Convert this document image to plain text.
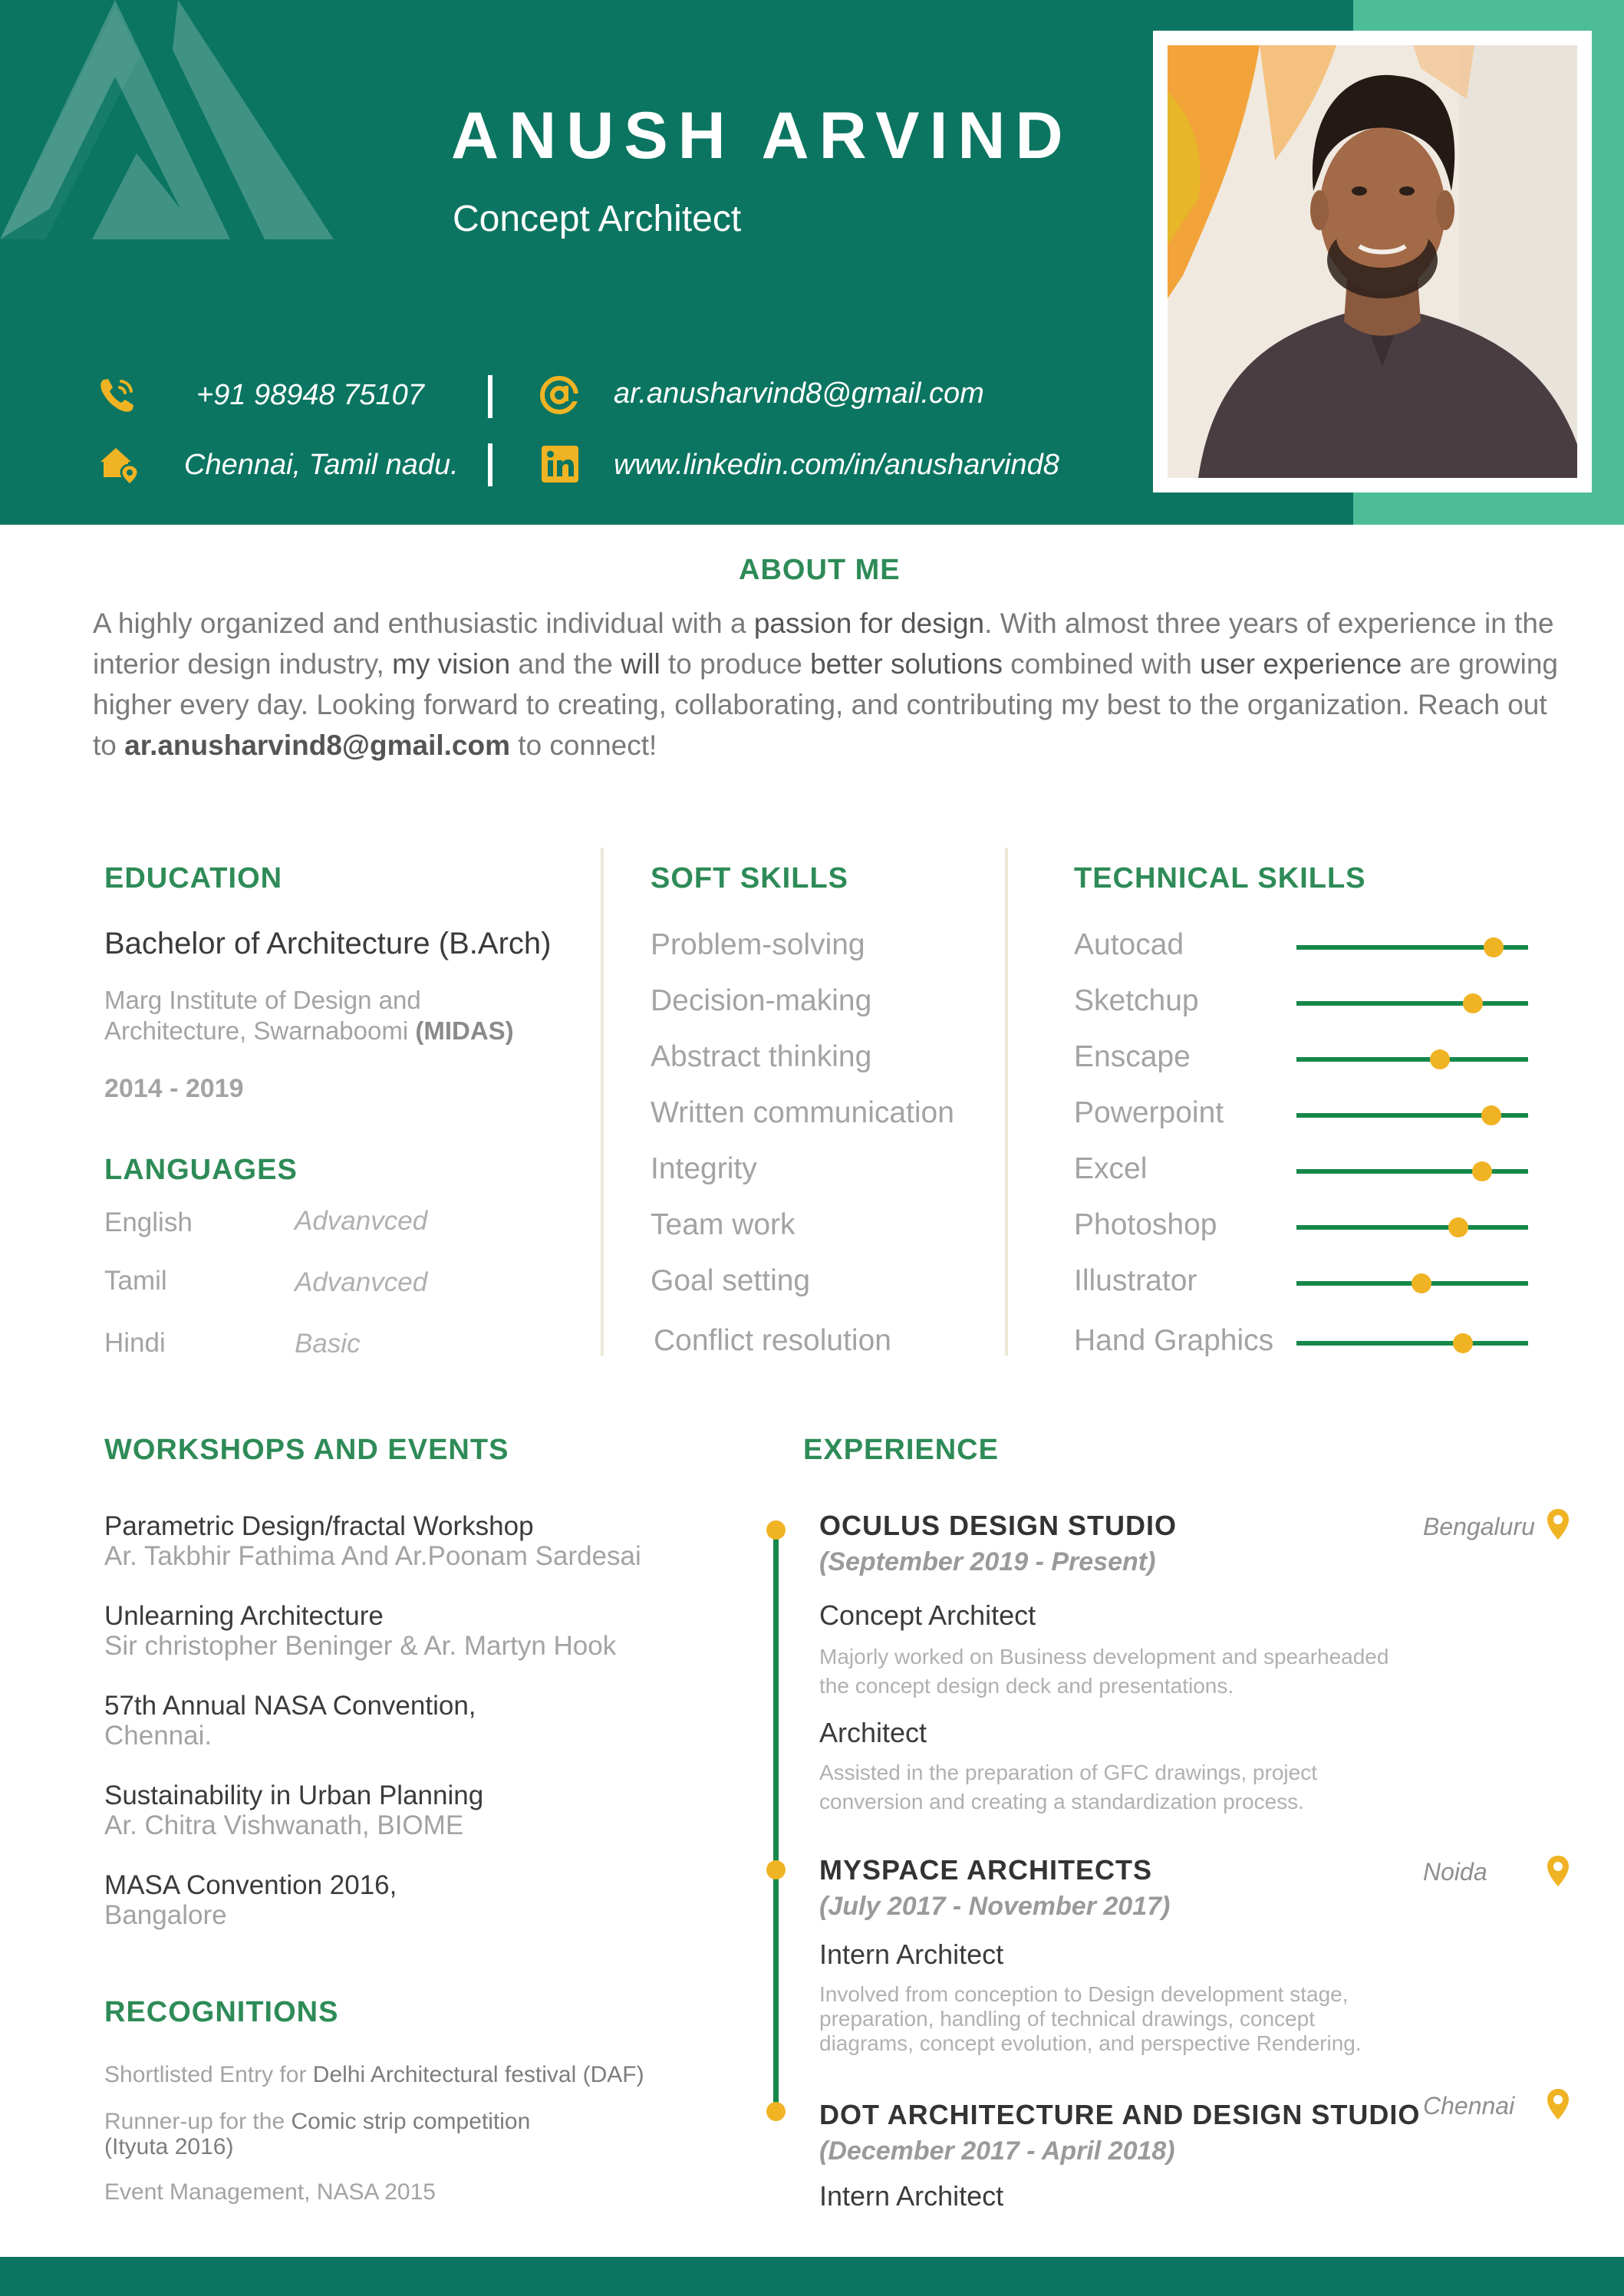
ANUSH ARVIND
Concept Architect
+91 98948 75107	ar.anusharvind8@gmail.com
Chennai, Tamil nadu.	www.linkedin.com/in/anusharvind8
ABOUT ME
A highly organized and enthusiastic individual with a passion for design. With almost three years of experience in the interior design industry, my vision and the will to produce better solutions combined with user experience are growing higher every day. Looking forward to creating, collaborating, and contributing my best to the organization. Reach out to ar.anusharvind8@gmail.com to connect!
EDUCATION
Bachelor of Architecture (B.Arch)
Marg Institute of Design and Architecture, Swarnaboomi (MIDAS)
2014 - 2019
LANGUAGES
English	Advanvced
Tamil	Advanvced
Hindi	Basic
SOFT SKILLS
Problem-solving
Decision-making
Abstract thinking
Written communication
Integrity
Team work
Goal setting
Conflict resolution
TECHNICAL SKILLS
Autocad
Sketchup
Enscape
Powerpoint
Excel
Photoshop
Illustrator
Hand Graphics
WORKSHOPS AND EVENTS
Parametric Design/fractal Workshop
Ar. Takbhir Fathima And Ar.Poonam Sardesai
Unlearning Architecture
Sir christopher Beninger & Ar. Martyn Hook
57th Annual NASA Convention,
Chennai.
Sustainability in Urban Planning
Ar. Chitra Vishwanath, BIOME
MASA Convention 2016,
Bangalore
RECOGNITIONS
Shortlisted Entry for Delhi Architectural festival (DAF)
Runner-up for the Comic strip competition (Ityuta 2016)
Event Management, NASA 2015
EXPERIENCE
OCULUS DESIGN STUDIO	Bengaluru
(September 2019 - Present)
Concept Architect
Majorly worked on Business development and spearheaded the concept design deck and presentations.
Architect
Assisted in the preparation of GFC drawings, project conversion and creating a standardization process.
MYSPACE ARCHITECTS	Noida
(July 2017 - November 2017)
Intern Architect
Involved from conception to Design development stage, preparation, handling of technical drawings, concept diagrams, concept evolution, and perspective Rendering.
DOT ARCHITECTURE AND DESIGN STUDIO Chennai
(December 2017 - April 2018)
Intern Architect
